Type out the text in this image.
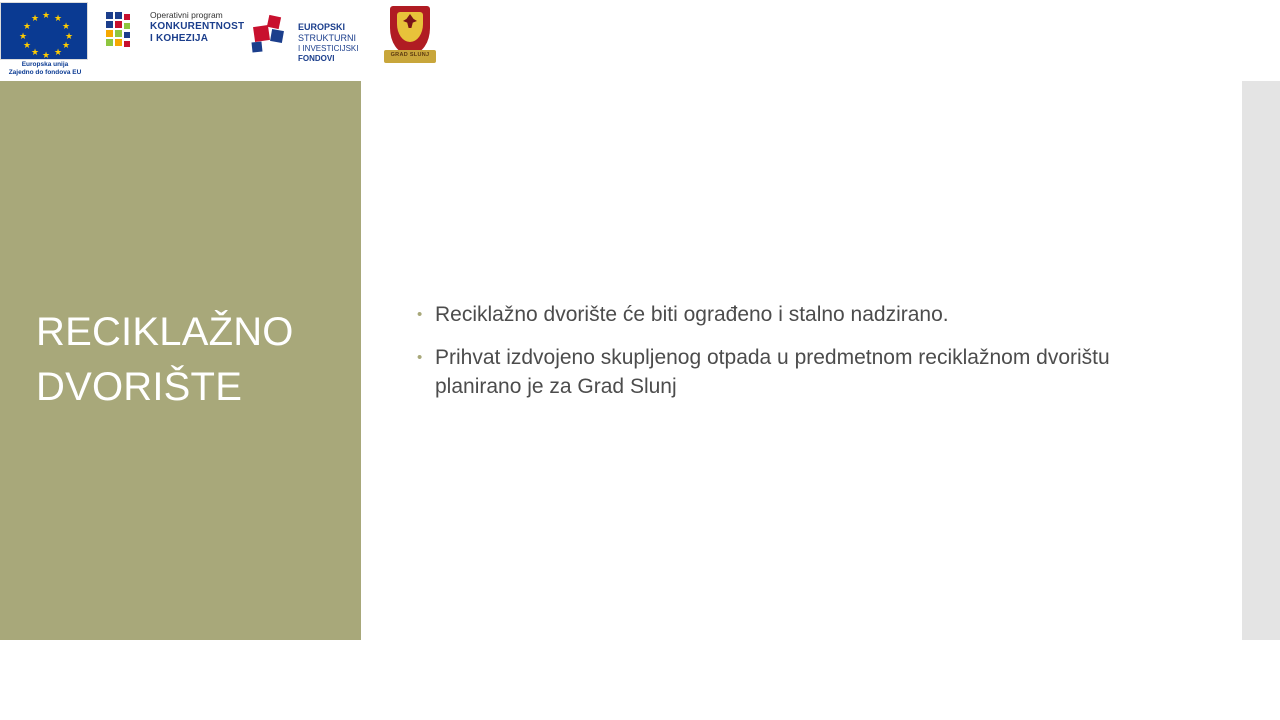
★ ★
★
★
★
★
★
★
★
★
★
★
Europska unija
Zajedno do fondova EU
Operativni program
KONKURENTNOST
I KOHEZIJA
EUROPSKI STRUKTURNI
I INVESTICIJSKI FONDOVI	GRAD SLUNJ
RECIKLAŽNO DVORIŠTE
• Reciklažno dvorište će biti ograđeno i stalno nadzirano.
• Prihvat izdvojeno skupljenog otpada u predmetnom reciklažnom dvorištu planirano je za Grad Slunj
